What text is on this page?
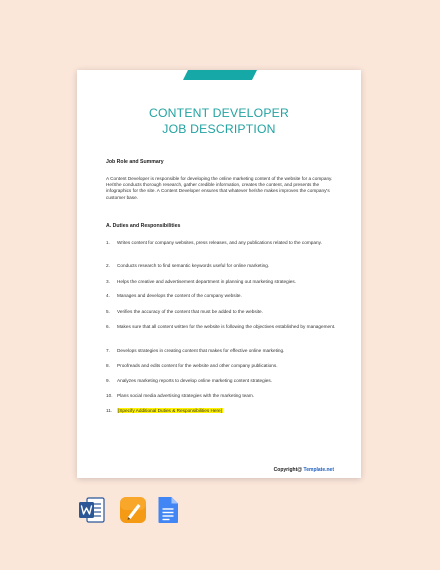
CONTENT DEVELOPER
JOB DESCRIPTION
Job Role and Summary

A Content Developer is responsible for developing the online marketing content of the website for a company. He/She conducts thorough research, gather credible information, creates the content, and presents the infographics for the site. A Content Developer ensures that whatever he/she makes improves the company's customer base.

A. Duties and Responsibilities
1.	Writes content for company websites, press releases, and any publications related to the company.
2.	Conducts research to find semantic keywords useful for online marketing.
3.	Helps the creative and advertisement department in planning out marketing strategies.
4.	Manages and develops the content of the company website.
5.	Verifies the accuracy of the content that must be added to the website.
6.	Makes sure that all content written for the website is following the objectives established by management.
7.	Develops strategies in creating content that makes for effective online marketing.
8.	Proofreads and edits content for the website and other company publications.
9.	Analyzes marketing reports to develop online marketing content strategies.
10. Plans social media advertising strategies with the marketing team.
11.	[Specify Additional Duties & Responsibilities Here]
Copyright@ Template.net
